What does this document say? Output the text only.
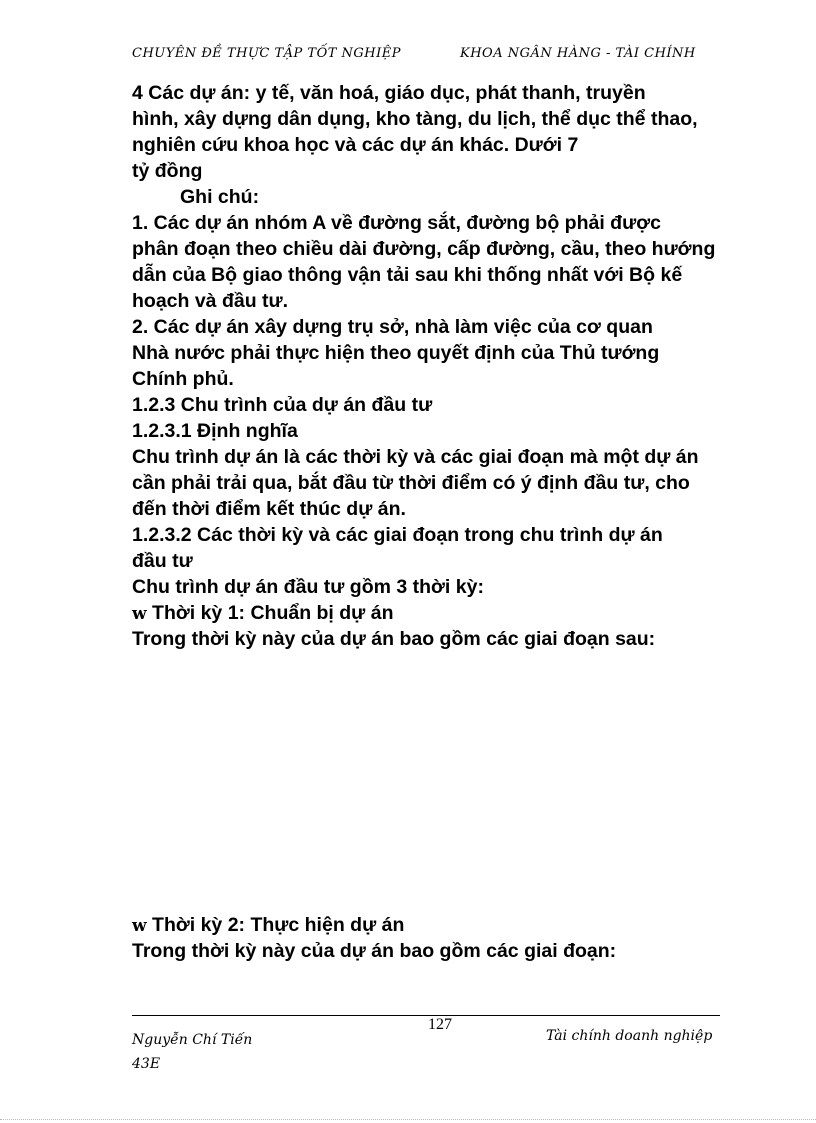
CHUYÊN ĐỀ THỰC TẬP TỐT NGHIỆP	KHOA NGÂN HÀNG - TÀI CHÍNH
4 Các dự án: y tế, văn hoá, giáo dục, phát thanh, truyền
hình, xây dựng dân dụng, kho tàng, du lịch, thể dục thể thao,
nghiên cứu khoa học và các dự án khác. Dưới 7
tỷ đồng
Ghi chú:
1. Các dự án nhóm A về đường sắt, đường bộ phải được
phân đoạn theo chiều dài đường, cấp đường, cầu, theo hướng
dẫn của Bộ giao thông vận tải sau khi thống nhất với Bộ kế
hoạch và đầu tư.
2. Các dự án xây dựng trụ sở, nhà làm việc của cơ quan
Nhà nước phải thực hiện theo quyết định của Thủ tướng
Chính phủ.
1.2.3 Chu trình của dự án đầu tư
1.2.3.1 Định nghĩa
Chu trình dự án là các thời kỳ và các giai đoạn mà một dự án
cần phải trải qua, bắt đầu từ thời điểm có ý định đầu tư, cho
đến thời điểm kết thúc dự án.
1.2.3.2 Các thời kỳ và các giai đoạn trong chu trình dự án
đầu tư
Chu trình dự án đầu tư gồm 3 thời kỳ:
w Thời kỳ 1: Chuẩn bị dự án
Trong thời kỳ này của dự án bao gồm các giai đoạn sau:
w Thời kỳ 2: Thực hiện dự án
Trong thời kỳ này của dự án bao gồm các giai đoạn:
127
Nguyễn Chí Tiến
43E
Tài chính doanh nghiệp
